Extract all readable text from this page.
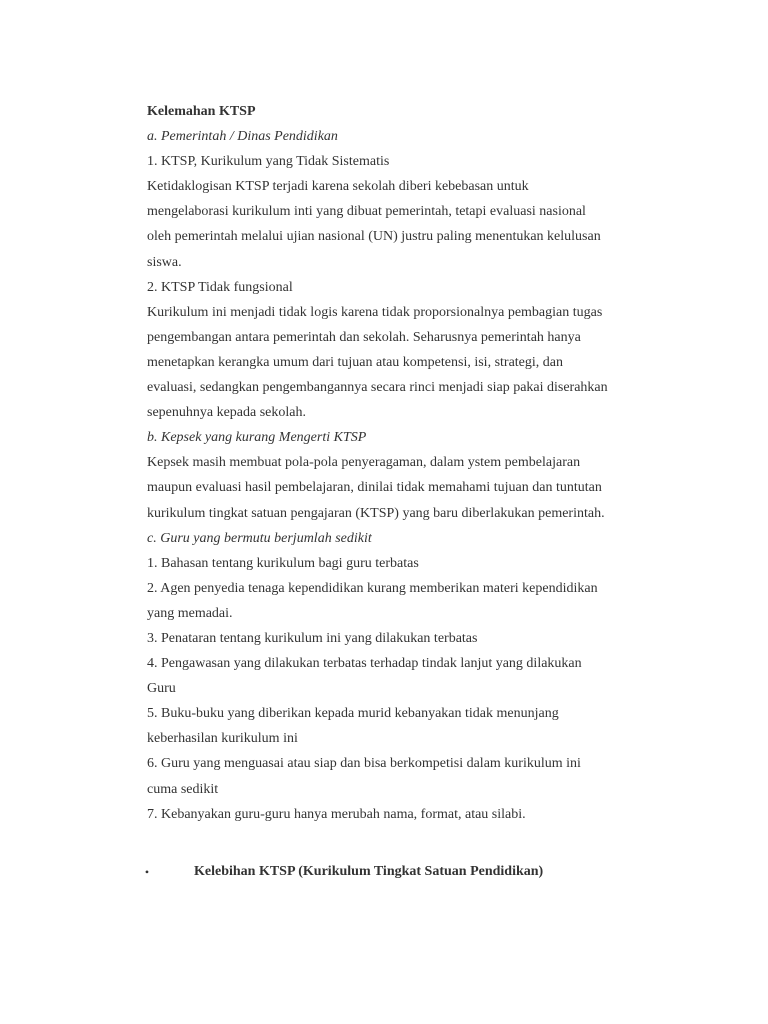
Kelemahan KTSP
a. Pemerintah / Dinas Pendidikan
1. KTSP, Kurikulum yang Tidak Sistematis
Ketidaklogisan KTSP terjadi karena sekolah diberi kebebasan untuk
mengelaborasi kurikulum inti yang dibuat pemerintah, tetapi evaluasi nasional
oleh pemerintah melalui ujian nasional (UN) justru paling menentukan kelulusan
siswa.
2. KTSP Tidak fungsional
Kurikulum ini menjadi tidak logis karena tidak proporsionalnya pembagian tugas
pengembangan antara pemerintah dan sekolah. Seharusnya pemerintah hanya
menetapkan kerangka umum dari tujuan atau kompetensi, isi, strategi, dan
evaluasi, sedangkan pengembangannya secara rinci menjadi siap pakai diserahkan
sepenuhnya kepada sekolah.
b. Kepsek yang kurang Mengerti KTSP
Kepsek masih membuat pola-pola penyeragaman, dalam ystem pembelajaran
maupun evaluasi hasil pembelajaran, dinilai tidak memahami tujuan dan tuntutan
kurikulum tingkat satuan pengajaran (KTSP) yang baru diberlakukan pemerintah.
c. Guru yang bermutu berjumlah sedikit
1. Bahasan tentang kurikulum bagi guru terbatas
2. Agen penyedia tenaga kependidikan kurang memberikan materi kependidikan
yang memadai.
3. Penataran tentang kurikulum ini yang dilakukan terbatas
4. Pengawasan yang dilakukan terbatas terhadap tindak lanjut yang dilakukan
Guru
5. Buku-buku yang diberikan kepada murid kebanyakan tidak menunjang
keberhasilan kurikulum ini
6. Guru yang menguasai atau siap dan bisa berkompetisi dalam kurikulum ini
cuma sedikit
7. Kebanyakan guru-guru hanya merubah nama, format, atau silabi.
•	Kelebihan KTSP (Kurikulum Tingkat Satuan Pendidikan)
